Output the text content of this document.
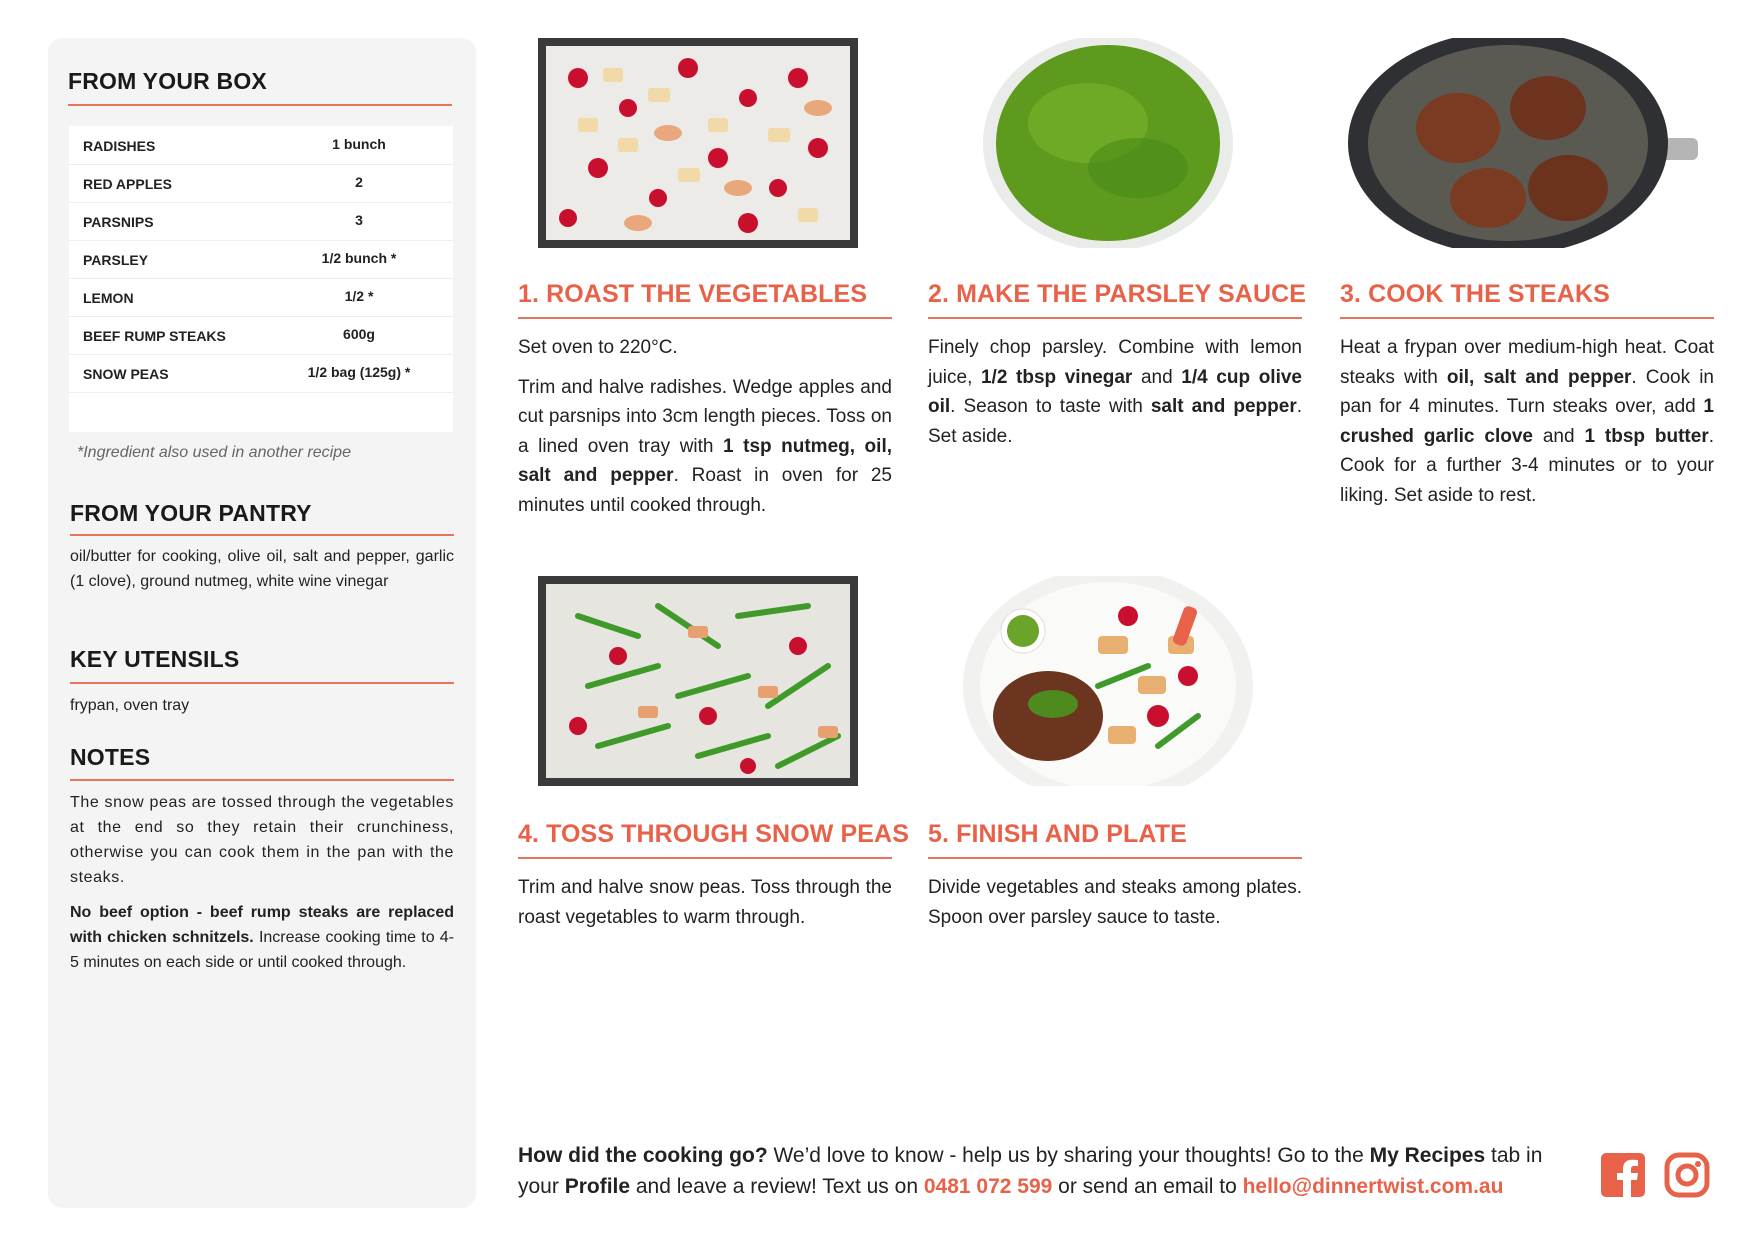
FROM YOUR BOX
RADISHES	1 bunch
RED APPLES	2
PARSNIPS	3
PARSLEY	1/2 bunch *
LEMON	1/2 *
BEEF RUMP STEAKS	600g
SNOW PEAS	1/2 bag (125g) *
*Ingredient also used in another recipe
FROM YOUR PANTRY
oil/butter for cooking, olive oil, salt and pepper, garlic (1 clove), ground nutmeg, white wine vinegar
KEY UTENSILS
frypan, oven tray
NOTES
The snow peas are tossed through the vegetables at the end so they retain their crunchiness, otherwise you can cook them in the pan with the steaks.
No beef option - beef rump steaks are replaced with chicken schnitzels. Increase cooking time to 4-5 minutes on each side or until cooked through.
1. ROAST THE VEGETABLES

Set oven to 220°C.

Trim and halve radishes. Wedge apples and cut parsnips into 3cm length pieces. Toss on a lined oven tray with 1 tsp nutmeg, oil, salt and pepper. Roast in oven for 25 minutes until cooked through.

2. MAKE THE PARSLEY SAUCE

Finely chop parsley. Combine with lemon juice, 1/2 tbsp vinegar and 1/4 cup olive oil. Season to taste with salt and pepper. Set aside.

3. COOK THE STEAKS

Heat a frypan over medium-high heat. Coat steaks with oil, salt and pepper. Cook in pan for 4 minutes. Turn steaks over, add 1 crushed garlic clove and 1 tbsp butter. Cook for a further 3-4 minutes or to your liking. Set aside to rest.

4. TOSS THROUGH SNOW PEAS
Trim and halve snow peas. Toss through the roast vegetables to warm through.
5. FINISH AND PLATE
Divide vegetables and steaks among plates. Spoon over parsley sauce to taste.
How did the cooking go? We’d love to know - help us by sharing your thoughts! Go to the My Recipes tab in your Profile and leave a review! Text us on 0481 072 599 or send an email to hello@dinnertwist.com.au
